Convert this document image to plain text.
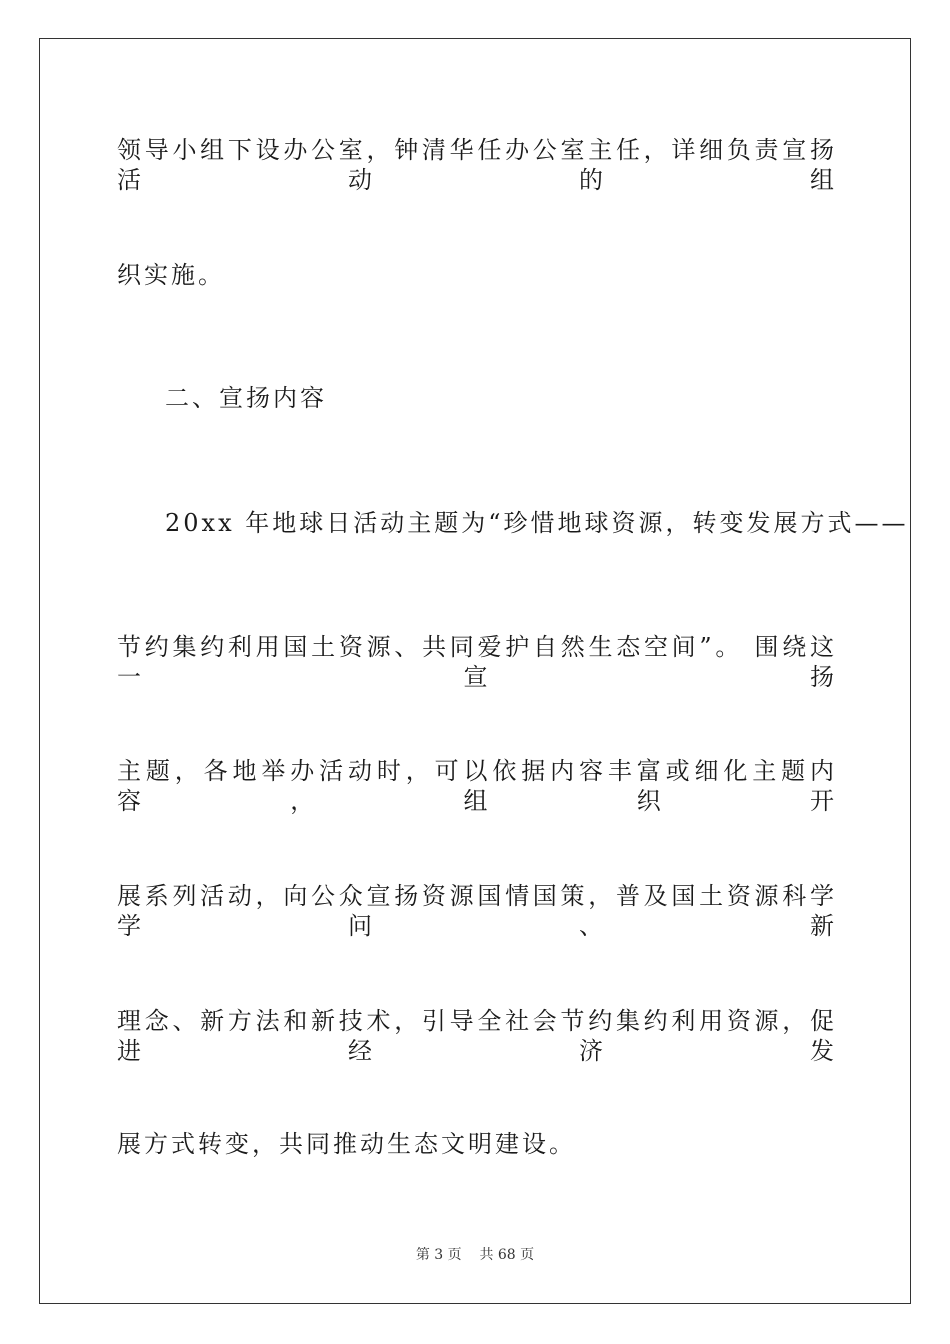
领导小组下设办公室，钟清华任办公室主任，详细负责宣扬活动的组
织实施。
二、宣扬内容
20xx 年地球日活动主题为“珍惜地球资源，转变发展方式——
节约集约利用国土资源、共同爱护自然生态空间”。 围绕这一宣扬
主题，各地举办活动时，可以依据内容丰富或细化主题内容，组织开
展系列活动，向公众宣扬资源国情国策，普及国土资源科学学问、新
理念、新方法和新技术，引导全社会节约集约利用资源，促进经济发
展方式转变，共同推动生态文明建设。
第 3 页 共 68 页
